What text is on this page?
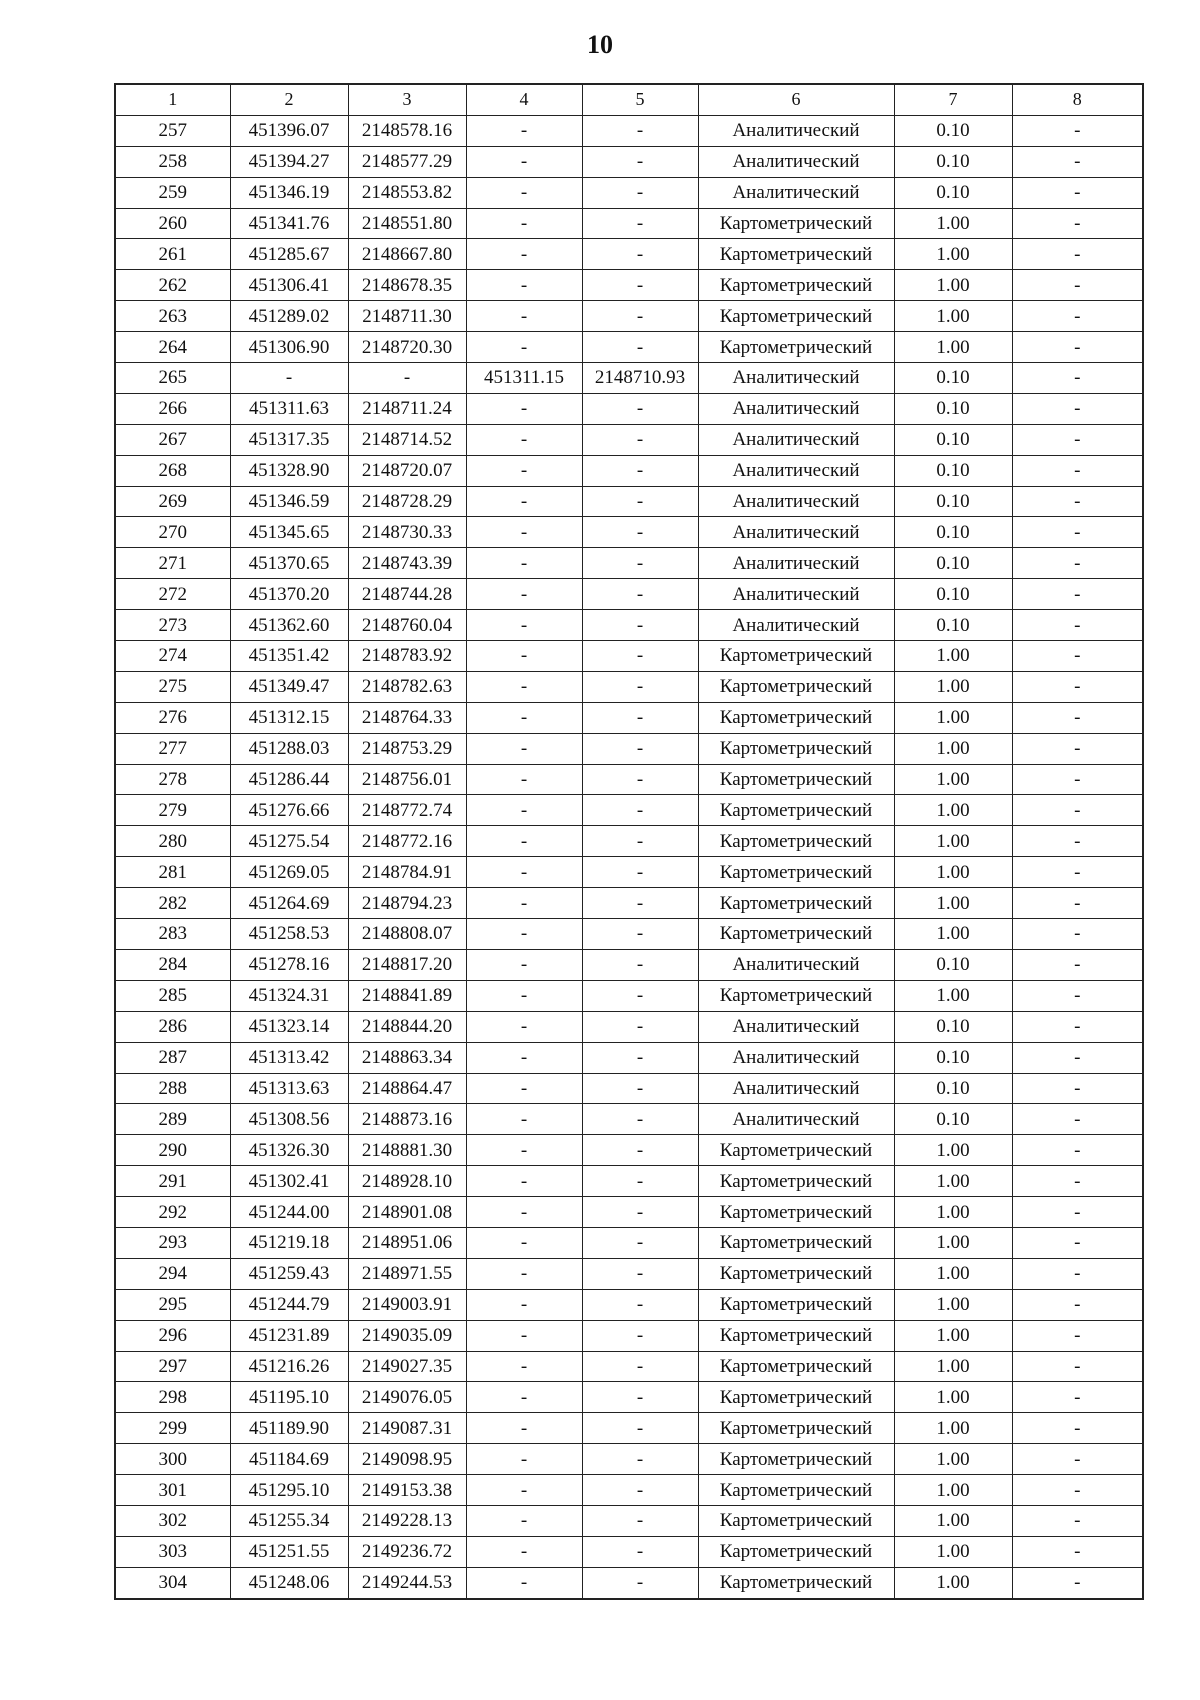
10
1	2	3	4	5	6	7	8
257	451396.07	2148578.16	-	-	Аналитический	0.10	-
258	451394.27	2148577.29	-	-	Аналитический	0.10	-
259	451346.19	2148553.82	-	-	Аналитический	0.10	-
260	451341.76	2148551.80	-	-	Картометрический	1.00	-
261	451285.67	2148667.80	-	-	Картометрический	1.00	-
262	451306.41	2148678.35	-	-	Картометрический	1.00	-
263	451289.02	2148711.30	-	-	Картометрический	1.00	-
264	451306.90	2148720.30	-	-	Картометрический	1.00	-
265	-	-	451311.15	2148710.93	Аналитический	0.10	-
266	451311.63	2148711.24	-	-	Аналитический	0.10	-
267	451317.35	2148714.52	-	-	Аналитический	0.10	-
268	451328.90	2148720.07	-	-	Аналитический	0.10	-
269	451346.59	2148728.29	-	-	Аналитический	0.10	-
270	451345.65	2148730.33	-	-	Аналитический	0.10	-
271	451370.65	2148743.39	-	-	Аналитический	0.10	-
272	451370.20	2148744.28	-	-	Аналитический	0.10	-
273	451362.60	2148760.04	-	-	Аналитический	0.10	-
274	451351.42	2148783.92	-	-	Картометрический	1.00	-
275	451349.47	2148782.63	-	-	Картометрический	1.00	-
276	451312.15	2148764.33	-	-	Картометрический	1.00	-
277	451288.03	2148753.29	-	-	Картометрический	1.00	-
278	451286.44	2148756.01	-	-	Картометрический	1.00	-
279	451276.66	2148772.74	-	-	Картометрический	1.00	-
280	451275.54	2148772.16	-	-	Картометрический	1.00	-
281	451269.05	2148784.91	-	-	Картометрический	1.00	-
282	451264.69	2148794.23	-	-	Картометрический	1.00	-
283	451258.53	2148808.07	-	-	Картометрический	1.00	-
284	451278.16	2148817.20	-	-	Аналитический	0.10	-
285	451324.31	2148841.89	-	-	Картометрический	1.00	-
286	451323.14	2148844.20	-	-	Аналитический	0.10	-
287	451313.42	2148863.34	-	-	Аналитический	0.10	-
288	451313.63	2148864.47	-	-	Аналитический	0.10	-
289	451308.56	2148873.16	-	-	Аналитический	0.10	-
290	451326.30	2148881.30	-	-	Картометрический	1.00	-
291	451302.41	2148928.10	-	-	Картометрический	1.00	-
292	451244.00	2148901.08	-	-	Картометрический	1.00	-
293	451219.18	2148951.06	-	-	Картометрический	1.00	-
294	451259.43	2148971.55	-	-	Картометрический	1.00	-
295	451244.79	2149003.91	-	-	Картометрический	1.00	-
296	451231.89	2149035.09	-	-	Картометрический	1.00	-
297	451216.26	2149027.35	-	-	Картометрический	1.00	-
298	451195.10	2149076.05	-	-	Картометрический	1.00	-
299	451189.90	2149087.31	-	-	Картометрический	1.00	-
300	451184.69	2149098.95	-	-	Картометрический	1.00	-
301	451295.10	2149153.38	-	-	Картометрический	1.00	-
302	451255.34	2149228.13	-	-	Картометрический	1.00	-
303	451251.55	2149236.72	-	-	Картометрический	1.00	-
304	451248.06	2149244.53	-	-	Картометрический	1.00	-
